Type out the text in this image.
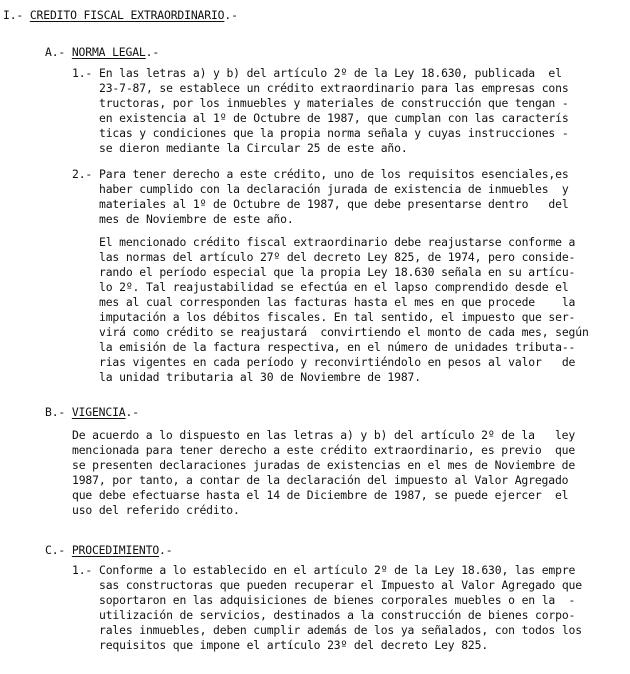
I.- CREDITO FISCAL EXTRAORDINARIO.-
A.- NORMA LEGAL.-
1.- En las letras a) y b) del artículo 2º de la Ley 18.630, publicada  el
23-7-87, se establece un crédito extraordinario para las empresas cons
tructoras, por los inmuebles y materiales de construcción que tengan -
en existencia al 1º de Octubre de 1987, que cumplan con las caracterís
ticas y condiciones que la propia norma señala y cuyas instrucciones -
se dieron mediante la Circular 25 de este año.
2.- Para tener derecho a este crédito, uno de los requisitos esenciales,es
haber cumplido con la declaración jurada de existencia de inmuebles  y
materiales al 1º de Octubre de 1987, que debe presentarse dentro   del
mes de Noviembre de este año.
El mencionado crédito fiscal extraordinario debe reajustarse conforme a
las normas del artículo 27º del decreto Ley 825, de 1974, pero conside-
rando el período especial que la propia Ley 18.630 señala en su artícu-
lo 2º. Tal reajustabilidad se efectúa en el lapso comprendido desde el
mes al cual corresponden las facturas hasta el mes en que procede    la
imputación a los débitos fiscales. En tal sentido, el impuesto que ser-
virá como crédito se reajustará  convirtiendo el monto de cada mes, según
la emisión de la factura respectiva, en el número de unidades tributa--
rias vigentes en cada período y reconvirtiéndolo en pesos al valor   de
la unidad tributaria al 30 de Noviembre de 1987.
B.- VIGENCIA.-
De acuerdo a lo dispuesto en las letras a) y b) del artículo 2º de la   ley
mencionada para tener derecho a este crédito extraordinario, es previo  que
se presenten declaraciones juradas de existencias en el mes de Noviembre de
1987, por tanto, a contar de la declaración del impuesto al Valor Agregado
que debe efectuarse hasta el 14 de Diciembre de 1987, se puede ejercer  el
uso del referido crédito.
C.- PROCEDIMIENTO.-
1.- Conforme a lo establecido en el artículo 2º de la Ley 18.630, las empre
sas constructoras que pueden recuperar el Impuesto al Valor Agregado que
soportaron en las adquisiciones de bienes corporales muebles o en la  -
utilización de servicios, destinados a la construcción de bienes corpo-
rales inmuebles, deben cumplir además de los ya señalados, con todos los
requisitos que impone el artículo 23º del decreto Ley 825.
